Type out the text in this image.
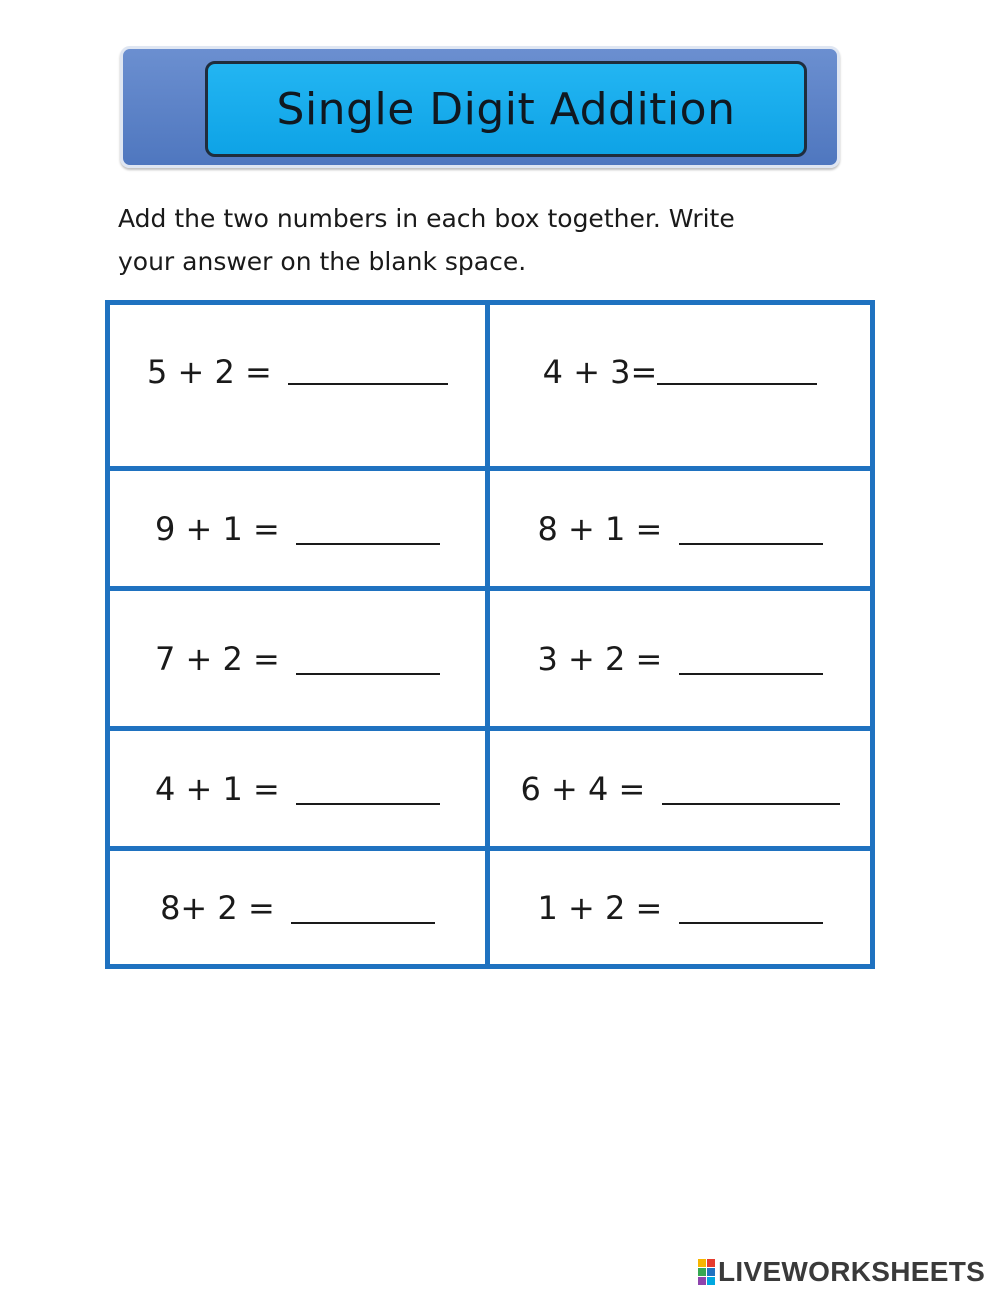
Single Digit Addition
Add the two numbers in each box together. Write
your answer on the blank space.
5 + 2 =	4 + 3=
9 + 1 =	8 + 1 =
7 + 2 =	3 + 2 =
4 + 1 =	6 + 4 =
8+ 2 =	1 + 2 =
LIVEWORKSHEETS
